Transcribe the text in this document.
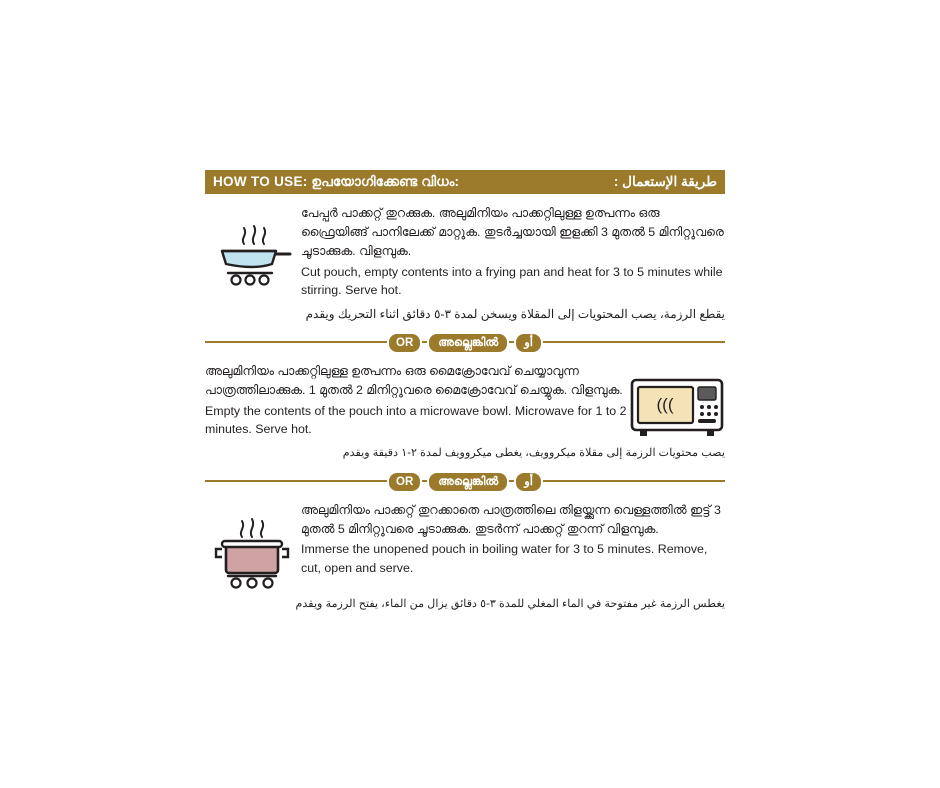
HOW TO USE: ഉപയോഗിക്കേണ്ട വിധം:	طريقة الإستعمال :
പേപ്പർ പാക്കറ്റ് തുറക്കുക. അലുമിനിയം പാക്കറ്റിലുള്ള ഉത്പന്നം ഒരു ഫ്രൈയിങ്ങ് പാനിലേക്ക് മാറ്റുക. തുടർച്ചയായി ഇളക്കി 3 മുതൽ 5 മിനിറ്റുവരെ ചൂടാക്കുക. വിളമ്പുക.
Cut pouch, empty contents into a frying pan and heat for 3 to 5 minutes while stirring. Serve hot.
يقطع الرزمة، يصب المحتويات إلى المقلاة ويسخن لمدة ٣-٥ دقائق اثناء التحريك ويقدم
OR	അല്ലെങ്കിൽ	أو
അലുമിനിയം പാക്കറ്റിലുള്ള ഉത്പന്നം ഒരു മൈക്രോവേവ് ചെയ്യാവുന്ന പാത്രത്തിലാക്കുക. 1 മുതൽ 2 മിനിറ്റുവരെ മൈക്രോവേവ് ചെയ്യുക. വിളമ്പുക.
Empty the contents of the pouch into a microwave bowl. Microwave for 1 to 2 minutes. Serve hot.
(((
يصب محتويات الرزمة إلى مقلاة ميكروويف، يغطى ميكروويف لمدة ٢-١ دقيقة ويقدم
OR	അല്ലെങ്കിൽ	أو
അലുമിനിയം പാക്കറ്റ് തുറക്കാതെ പാത്രത്തിലെ തിളയ്ക്കുന്ന വെള്ളത്തിൽ ഇട്ട് 3 മുതൽ 5 മിനിറ്റുവരെ ചൂടാക്കുക. തുടർന്ന് പാക്കറ്റ് തുറന്ന് വിളമ്പുക.
Immerse the unopened pouch in boiling water for 3 to 5 minutes. Remove, cut, open and serve.
يغطس الرزمة غير مفتوحة في الماء المغلي للمدة ٣-٥ دقائق يزال من الماء، يفتح الرزمة ويقدم
